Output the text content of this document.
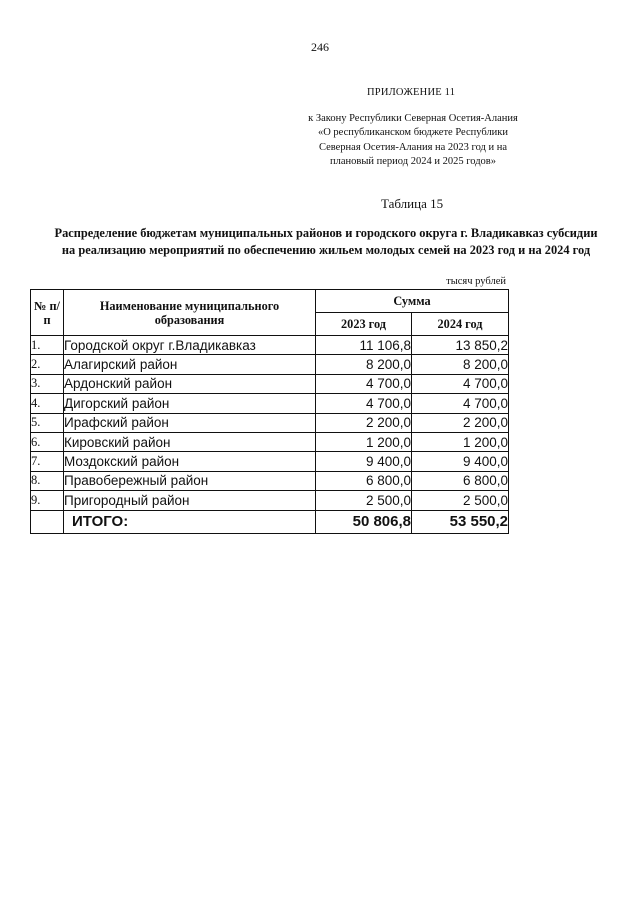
246
ПРИЛОЖЕНИЕ 11
к Закону Республики Северная Осетия-Алания «О республиканском бюджете Республики Северная Осетия-Алания на 2023 год и на плановый период 2024 и 2025 годов»
Таблица 15
Распределение бюджетам муниципальных районов и городского округа г. Владикавказ субсидии на реализацию мероприятий по обеспечению жильем молодых семей на 2023 год и на 2024 год
тысяч рублей
№ п/п	Наименование муниципального образования	Сумма	
		2023 год	2024 год
1.	Городской округ г.Владикавказ	11 106,8	13 850,2
2.	Алагирский район	8 200,0	8 200,0
3.	Ардонский район	4 700,0	4 700,0
4.	Дигорский район	4 700,0	4 700,0
5.	Ирафский район	2 200,0	2 200,0
6.	Кировский район	1 200,0	1 200,0
7.	Моздокский район	9 400,0	9 400,0
8.	Правобережный район	6 800,0	6 800,0
9.	Пригородный район	2 500,0	2 500,0
	ИТОГО:	50 806,8	53 550,2
